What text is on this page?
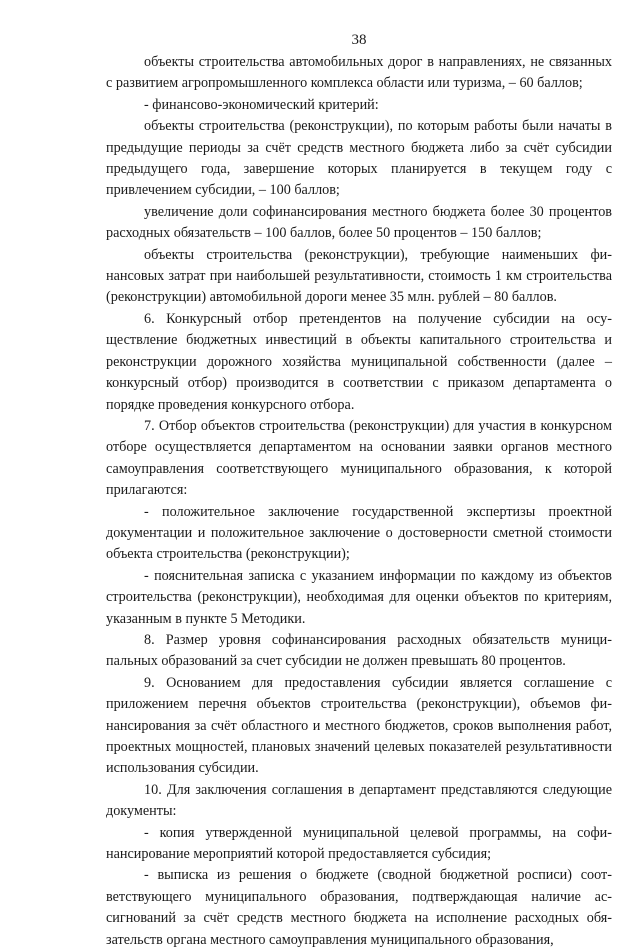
38

объекты строительства автомобильных дорог в направлениях, не связанных с развитием агропромышленного комплекса области или туризма, – 60 баллов;

- финансово-экономический критерий:

объекты строительства (реконструкции), по которым работы были начаты в предыдущие периоды за счёт средств местного бюджета либо за счёт субсидии предыдущего года, завершение которых планируется в текущем году с привлечением субсидии, – 100 баллов;

увеличение доли софинансирования местного бюджета более 30 процентов расходных обязательств – 100 баллов, более 50 процентов – 150 баллов;

объекты строительства (реконструкции), требующие наименьших финансовых затрат при наибольшей результативности, стоимость 1 км строительства (реконструкции) автомобильной дороги менее 35 млн. рублей – 80 баллов.

6. Конкурсный отбор претендентов на получение субсидии на осуществление бюджетных инвестиций в объекты капитального строительства и реконструкции дорожного хозяйства муниципальной собственности (далее – конкурсный отбор) производится в соответствии с приказом департамента о порядке проведения конкурсного отбора.

7. Отбор объектов строительства (реконструкции) для участия в конкурсном отборе осуществляется департаментом на основании заявки органов местного самоуправления соответствующего муниципального образования, к которой прилагаются:

- положительное заключение государственной экспертизы проектной документации и положительное заключение о достоверности сметной стоимости объекта строительства (реконструкции);

- пояснительная записка с указанием информации по каждому из объектов строительства (реконструкции), необходимая для оценки объектов по критериям, указанным в пункте 5 Методики.

8. Размер уровня софинансирования расходных обязательств муниципальных образований за счет субсидии не должен превышать 80 процентов.

9. Основанием для предоставления субсидии является соглашение с приложением перечня объектов строительства (реконструкции), объемов финансирования за счёт областного и местного бюджетов, сроков выполнения работ, проектных мощностей, плановых значений целевых показателей результативности использования субсидии.

10. Для заключения соглашения в департамент представляются следующие документы:

- копия утвержденной муниципальной целевой программы, на софинансирование мероприятий которой предоставляется субсидия;

- выписка из решения о бюджете (сводной бюджетной росписи) соответствующего муниципального образования, подтверждающая наличие ассигнований за счёт средств местного бюджета на исполнение расходных обязательств органа местного самоуправления муниципального образования,
